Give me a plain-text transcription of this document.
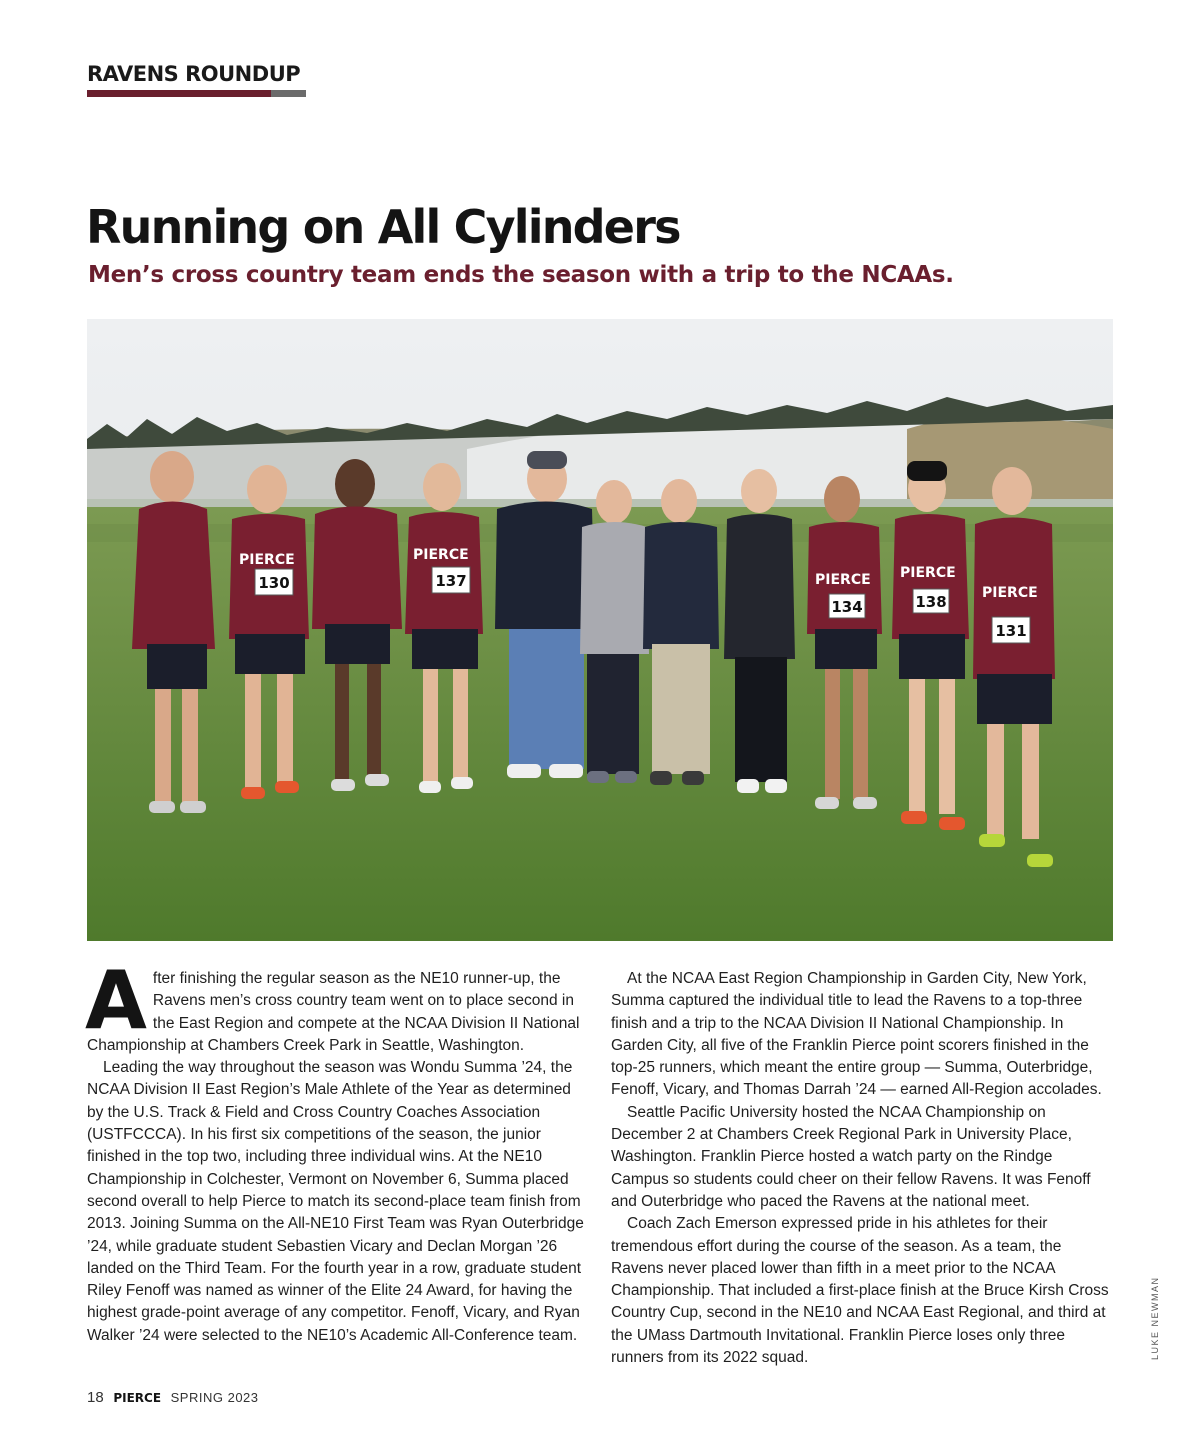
RAVENS ROUNDUP
Running on All Cylinders
Men’s cross country team ends the season with a trip to the NCAAs.
PIERCE	PIERCE
PIERCE PIERCE
PIERCE
130	137
134	138
131

After finishing the regular season as the NE10 runner-up, the Ravens men’s cross country team went on to place second in the East Region and compete at the NCAA Division II National Championship at Chambers Creek Park in Seattle, Washington.

Leading the way throughout the season was Wondu Summa ’24, the NCAA Division II East Region’s Male Athlete of the Year as determined by the U.S. Track & Field and Cross Country Coaches Association (USTFCCCA). In his first six competitions of the season, the junior finished in the top two, including three individual wins. At the NE10 Championship in Colchester, Vermont on November 6, Summa placed second overall to help Pierce to match its second-place team finish from 2013. Joining Summa on the All-NE10 First Team was Ryan Outerbridge ’24, while graduate student Sebastien Vicary and Declan Morgan ’26 landed on the Third Team. For the fourth year in a row, graduate student Riley Fenoff was named as winner of the Elite 24 Award, for having the highest grade-point average of any competitor. Fenoff, Vicary, and Ryan Walker ’24 were selected to the NE10’s Academic All-Conference team.

At the NCAA East Region Championship in Garden City, New York, Summa captured the individual title to lead the Ravens to a top-three finish and a trip to the NCAA Division II National Championship. In Garden City, all five of the Franklin Pierce point scorers finished in the top-25 runners, which meant the entire group — Summa, Outerbridge, Fenoff, Vicary, and Thomas Darrah ’24 — earned All-Region accolades.

Seattle Pacific University hosted the NCAA Championship on December 2 at Chambers Creek Regional Park in University Place, Washington. Franklin Pierce hosted a watch party on the Rindge Campus so students could cheer on their fellow Ravens. It was Fenoff and Outerbridge who paced the Ravens at the national meet.

Coach Zach Emerson expressed pride in his athletes for their tremendous effort during the course of the season. As a team, the Ravens never placed lower than fifth in a meet prior to the NCAA Championship. That included a first-place finish at the Bruce Kirsh Cross Country Cup, second in the NE10 and NCAA East Regional, and third at the UMass Dartmouth Invitational. Franklin Pierce loses only three runners from its 2022 squad.	LUKE NEWMAN
18 PIERCE SPRING 2023
